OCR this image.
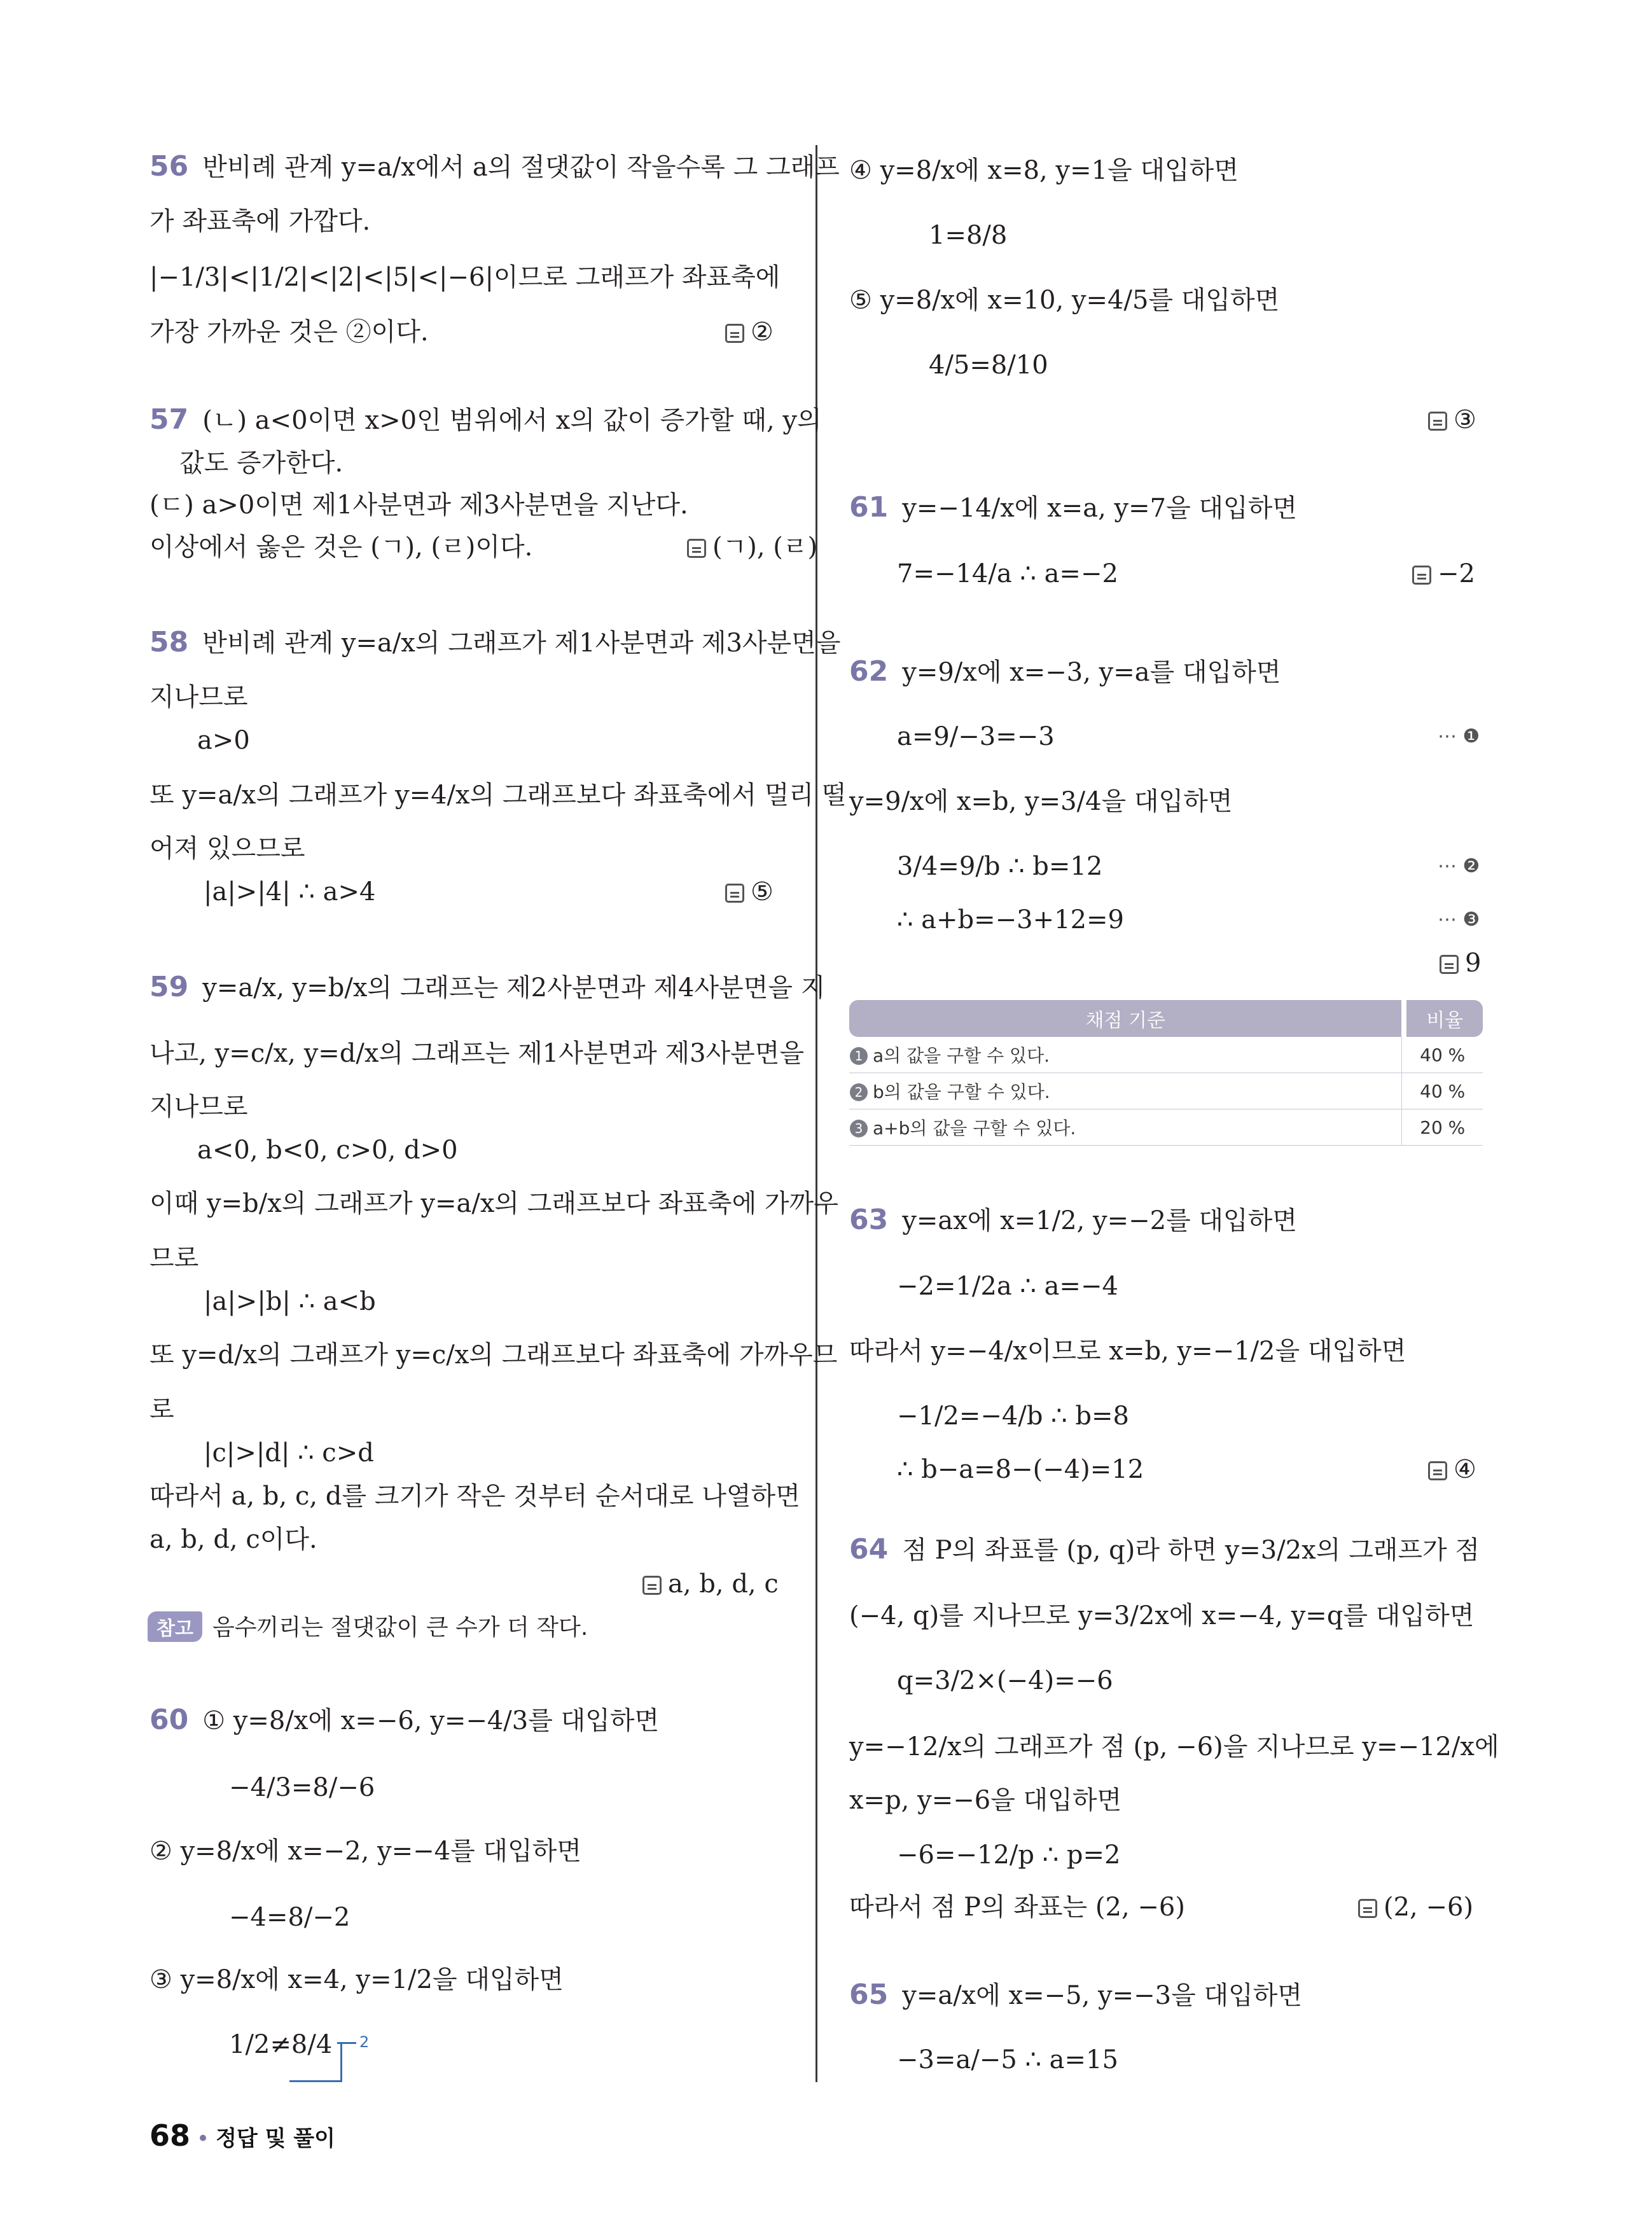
56 반비례 관계 y=a/x에서 a의 절댓값이 작을수록 그 그래프
가 좌표축에 가깝다.
|−1/3|<|1/2|<|2|<|5|<|−6|이므로 그래프가 좌표축에
가장 가까운 것은 ②이다.	②
57 (ㄴ) a<0이면 x>0인 범위에서 x의 값이 증가할 때, y의
값도 증가한다.
(ㄷ) a>0이면 제1사분면과 제3사분면을 지난다.
이상에서 옳은 것은 (ㄱ), (ㄹ)이다.	(ㄱ), (ㄹ)
58 반비례 관계 y=a/x의 그래프가 제1사분면과 제3사분면을
지나므로
a>0
또 y=a/x의 그래프가 y=4/x의 그래프보다 좌표축에서 멀리 떨
어져 있으므로
|a|>|4| ∴ a>4	⑤
59 y=a/x, y=b/x의 그래프는 제2사분면과 제4사분면을 지
나고, y=c/x, y=d/x의 그래프는 제1사분면과 제3사분면을
지나므로
a<0, b<0, c>0, d>0
이때 y=b/x의 그래프가 y=a/x의 그래프보다 좌표축에 가까우
므로
|a|>|b| ∴ a<b
또 y=d/x의 그래프가 y=c/x의 그래프보다 좌표축에 가까우므
로
|c|>|d| ∴ c>d
따라서 a, b, c, d를 크기가 작은 것부터 순서대로 나열하면
a, b, d, c이다.
a, b, d, c
참고 음수끼리는 절댓값이 큰 수가 더 작다.
60 ① y=8/x에 x=−6, y=−4/3를 대입하면
−4/3=8/−6
② y=8/x에 x=−2, y=−4를 대입하면
−4=8/−2
③ y=8/x에 x=4, y=1/2을 대입하면
1/2≠8/4 2
68 • 정답 및 풀이
④ y=8/x에 x=8, y=1을 대입하면
1=8/8
⑤ y=8/x에 x=10, y=4/5를 대입하면
4/5=8/10
③
61 y=−14/x에 x=a, y=7을 대입하면
7=−14/a ∴ a=−2	−2
62 y=9/x에 x=−3, y=a를 대입하면
a=9/−3=−3	⋯ ❶
y=9/x에 x=b, y=3/4을 대입하면
3/4=9/b ∴ b=12	⋯ ❷
∴ a+b=−3+12=9	⋯ ❸
9
63 y=ax에 x=1/2, y=−2를 대입하면
−2=1/2a ∴ a=−4
따라서 y=−4/x이므로 x=b, y=−1/2을 대입하면
−1/2=−4/b ∴ b=8
∴ b−a=8−(−4)=12	④
64 점 P의 좌표를 (p, q)라 하면 y=3/2x의 그래프가 점
(−4, q)를 지나므로 y=3/2x에 x=−4, y=q를 대입하면
q=3/2×(−4)=−6
y=−12/x의 그래프가 점 (p, −6)을 지나므로 y=−12/x에
x=p, y=−6을 대입하면
−6=−12/p ∴ p=2
따라서 점 P의 좌표는 (2, −6)	(2, −6)
65 y=a/x에 x=−5, y=−3을 대입하면
−3=a/−5 ∴ a=15
채점 기준	비율
1 a의 값을 구할 수 있다.	40 %
2 b의 값을 구할 수 있다.	40 %
3 a+b의 값을 구할 수 있다.	20 %
